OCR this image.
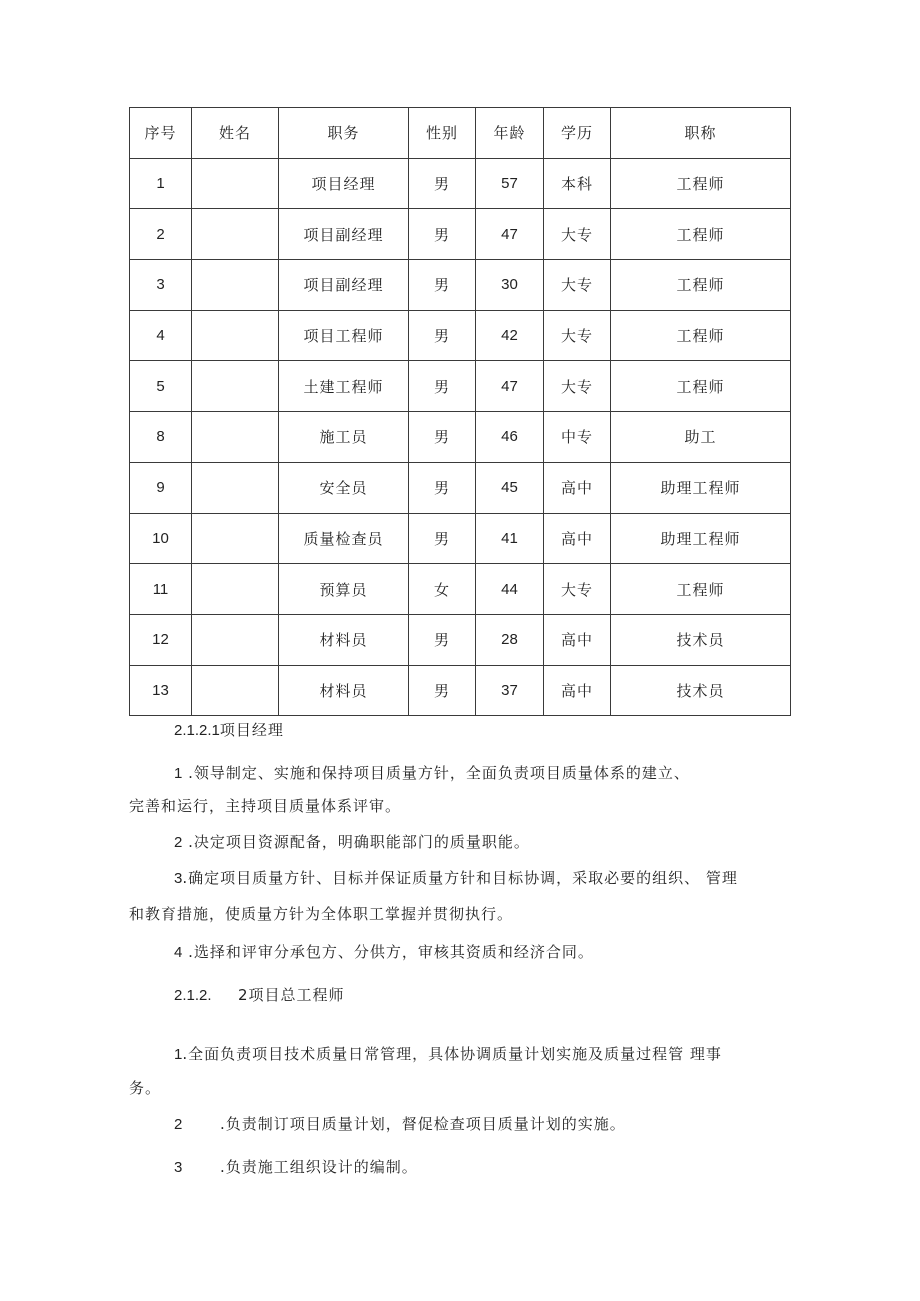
序号	姓名	职务	性别	年龄	学历	职称
1		项目经理	男	57	本科	工程师
2		项目副经理	男	47	大专	工程师
3		项目副经理	男	30	大专	工程师
4		项目工程师	男	42	大专	工程师
5		土建工程师	男	47	大专	工程师
8		施工员	男	46	中专	助工
9		安全员	男	45	高中	助理工程师
10		质量检查员	男	41	高中	助理工程师
11		预算员	女	44	大专	工程师
12		材料员	男	28	高中	技术员
13		材料员	男	37	高中	技术员
2.1.2.1项目经理
1 .领导制定、实施和保持项目质量方针，全面负责项目质量体系的建立、
完善和运行，主持项目质量体系评审。
2 .决定项目资源配备，明确职能部门的质量职能。
3.确定项目质量方针、目标并保证质量方针和目标协调，采取必要的组织、 管理
和教育措施，使质量方针为全体职工掌握并贯彻执行。
4 .选择和评审分承包方、分供方，审核其资质和经济合同。
2.1.2. 2项目总工程师
1.全面负责项目技术质量日常管理，具体协调质量计划实施及质量过程管 理事
务。
2	.负责制订项目质量计划，督促检查项目质量计划的实施。
3	.负责施工组织设计的编制。
